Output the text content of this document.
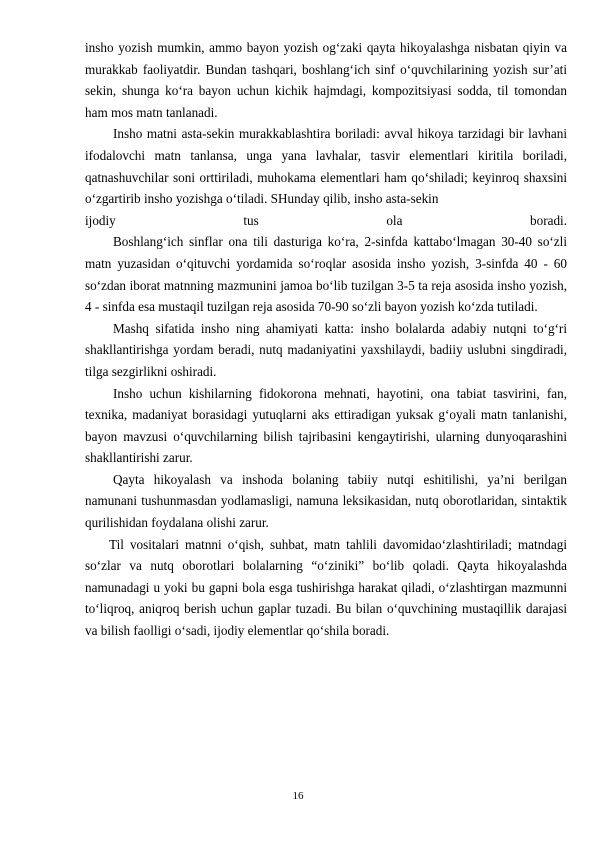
insho yozish mumkin, ammo bayon yozish og‘zaki qayta hikoyalashga nisbatan qiyin va murakkab faoliyatdir. Bundan tashqari, boshlang‘ich sinf o‘quvchilarining yozish sur’ati sekin, shunga ko‘ra bayon uchun kichik hajmdagi, kompozitsiyasi sodda, til tomondan ham mos matn tanlanadi.

Insho matni asta-sekin murakkablashtira boriladi: avval hikoya tarzidagi bir lavhani ifodalovchi matn tanlansa, unga yana lavhalar, tasvir elementlari kiritila boriladi, qatnashuvchilar soni orttiriladi, muhokama elementlari ham qo‘shiladi; keyinroq shaxsini o‘zgartirib insho yozishga o‘tiladi. SHunday qilib, insho asta-sekin

ijodiy tus ola boradi.

Boshlang‘ich sinflar ona tili dasturiga ko‘ra, 2-sinfda kattabo‘lmagan 30-40 so‘zli matn yuzasidan o‘qituvchi yordamida so‘roqlar asosida insho yozish, 3-sinfda 40 - 60 so‘zdan iborat matnning mazmunini jamoa bo‘lib tuzilgan 3-5 ta reja asosida insho yozish, 4 - sinfda esa mustaqil tuzilgan reja asosida 70-90 so‘zli bayon yozish ko‘zda tutiladi.

Mashq sifatida insho ning ahamiyati katta: insho bolalarda adabiy nutqni to‘g‘ri shakllantirishga yordam beradi, nutq madaniyatini yaxshilaydi, badiiy uslubni singdiradi, tilga sezgirlikni oshiradi.

Insho uchun kishilarning fidokorona mehnati, hayotini, ona tabiat tasvirini, fan, texnika, madaniyat borasidagi yutuqlarni aks ettiradigan yuksak g‘oyali matn tanlanishi, bayon mavzusi o‘quvchilarning bilish tajribasini kengaytirishi, ularning dunyoqarashini shakllantirishi zarur.

Qayta hikoyalash va inshoda bolaning tabiiy nutqi eshitilishi, ya’ni berilgan namunani tushunmasdan yodlamasligi, namuna leksikasidan, nutq oborotlaridan, sintaktik qurilishidan foydalana olishi zarur.

Til vositalari matnni o‘qish, suhbat, matn tahlili davomidao‘zlashtiriladi; matndagi so‘zlar va nutq oborotlari bolalarning “o‘ziniki” bo‘lib qoladi. Qayta hikoyalashda namunadagi u yoki bu gapni bola esga tushirishga harakat qiladi, o‘zlashtirgan mazmunni to‘liqroq, aniqroq berish uchun gaplar tuzadi. Bu bilan o‘quvchining mustaqillik darajasi va bilish faolligi o‘sadi, ijodiy elementlar qo‘shila boradi.

16
